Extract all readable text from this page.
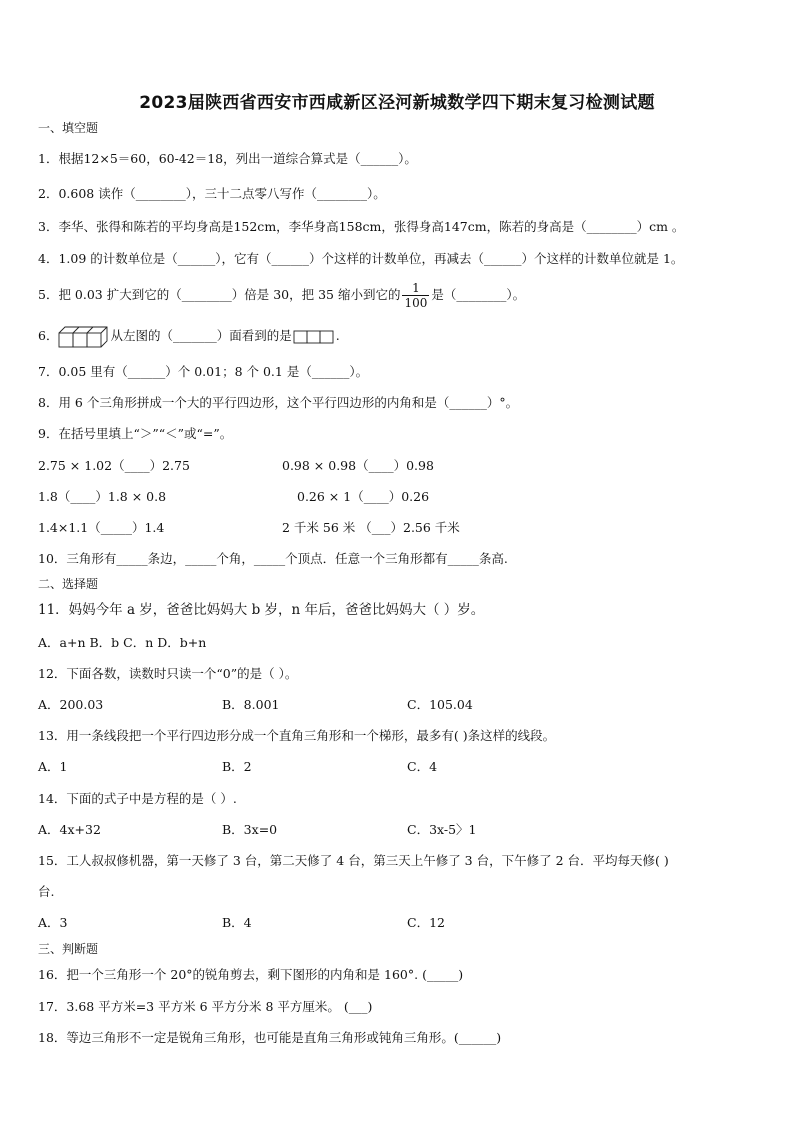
2023届陕西省西安市西咸新区泾河新城数学四下期末复习检测试题
一、填空题
1．根据12×5＝60，60-42＝18，列出一道综合算式是（______）。
2．0.608 读作（________），三十二点零八写作（________）。
3．李华、张得和陈若的平均身高是152cm，李华身高158cm，张得身高147cm，陈若的身高是（________）cm 。
4．1.09 的计数单位是（______），它有（______）个这样的计数单位，再减去（______）个这样的计数单位就是 1。
5．把 0.03 扩大到它的（________）倍是 30，把 35 缩小到它的 $\frac{1}{100}$ 是（________）。
6．	从左图的（_______）面看到的是	.
7．0.05 里有（______）个 0.01；8 个 0.1 是（______）。
8．用 6 个三角形拼成一个大的平行四边形，这个平行四边形的内角和是（______）°。
9．在括号里填上“＞”“＜”或“=”。
2.75 × 1.02（____）2.75	0.98 × 0.98（____）0.98
1.8（____）1.8 × 0.8	0.26 × 1（____）0.26
1.4×1.1（_____）1.4	2 千米 56 米 （___）2.56 千米
10．三角形有_____条边，_____个角，_____个顶点．任意一个三角形都有_____条高.
二、选择题
11．妈妈今年 a 岁，爸爸比妈妈大 b 岁，n 年后，爸爸比妈妈大（ ）岁。
A．a+n B．b C．n D．b+n
12．下面各数，读数时只读一个“0”的是（ ）。
A．200.03	B．8.001	C．105.04
13．用一条线段把一个平行四边形分成一个直角三角形和一个梯形，最多有( )条这样的线段。
A．1	B．2	C．4
14．下面的式子中是方程的是（ ）.
A．4x+32	B．3x=0	C．3x-5〉1
15．工人叔叔修机器，第一天修了 3 台，第二天修了 4 台，第三天上午修了 3 台，下午修了 2 台．平均每天修( )
台.
A．3	B．4	C．12
三、判断题
16．把一个三角形一个 20°的锐角剪去，剩下图形的内角和是 160°. (_____)
17．3.68 平方米=3 平方米 6 平方分米 8 平方厘米。 (___)
18．等边三角形不一定是锐角三角形，也可能是直角三角形或钝角三角形。(______)
